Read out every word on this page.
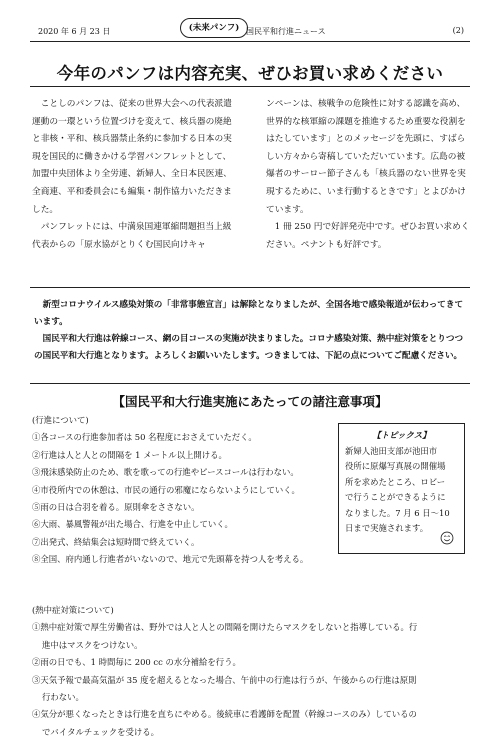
2020 年 6 月 23 日	(未来パンフ) 国民平和行進ニュース	(2)
今年のパンフは内容充実、ぜひお買い求めください

ことしのパンフは、従来の世界大会への代表派遣運動の一環という位置づけを変えて、核兵器の廃絶と非核・平和、核兵器禁止条約に参加する日本の実現を国民的に働きかける学習パンフレットとして、加盟中央団体より全労連、新婦人、全日本民医連、全商連、平和委員会にも編集・制作協力いただきました。

パンフレットには、中満泉国連軍縮問題担当上級代表からの「原水協がとりくむ国民向けキャ

ンペーンは、核戦争の危険性に対する認識を高め、世界的な核軍縮の課題を推進するため重要な役割をはたしています」とのメッセージを先頭に、すばらしい方々から寄稿していただいています。広島の被爆者のサーロー節子さんも「核兵器のない世界を実現するために、いま行動するときです」とよびかけています。

1 冊 250 円で好評発売中です。ぜひお買い求めください。ペナントも好評です。

新型コロナウイルス感染対策の「非常事態宣言」は解除となりましたが、全国各地で感染報道が伝わってきています。

国民平和大行進は幹線コース、網の目コースの実施が決まりました。コロナ感染対策、熱中症対策をとりつつの国民平和大行進となります。よろしくお願いいたします。つきましては、下記の点についてご配慮ください。

【国民平和大行進実施にあたっての諸注意事項】
(行進について)
①各コースの行進参加者は 50 名程度におさえていただく。
②行進は人と人との間隔を 1 メートル以上開ける。
③飛沫感染防止のため、歌を歌っての行進やピースコールは行わない。
④市役所内での休憩は、市民の通行の邪魔にならないようにしていく。
⑤雨の日は合羽を着る。原則傘をささない。
⑥大雨、暴風警報が出た場合、行進を中止していく。
⑦出発式、終結集会は短時間で終えていく。
⑧全国、府内通し行進者がいないので、地元で先頭幕を持つ人を考える。
【トピックス】
新婦人池田支部が池田市
役所に原爆写真展の開催場
所を求めたところ、ロビー
で行うことができるように
なりました。7 月 6 日〜10
日まで実施されます。
(熱中症対策について)
①熱中症対策で厚生労働省は、野外では人と人との間隔を開けたらマスクをしないと指導している。行
進中はマスクをつけない。
②雨の日でも、1 時間毎に 200 cc の水分補給を行う。
③天気予報で最高気温が 35 度を超えるとなった場合、午前中の行進は行うが、午後からの行進は原則
行わない。
④気分が悪くなったときは行進を直ちにやめる。後続車に看護師を配置（幹線コースのみ）しているの
でバイタルチェックを受ける。
